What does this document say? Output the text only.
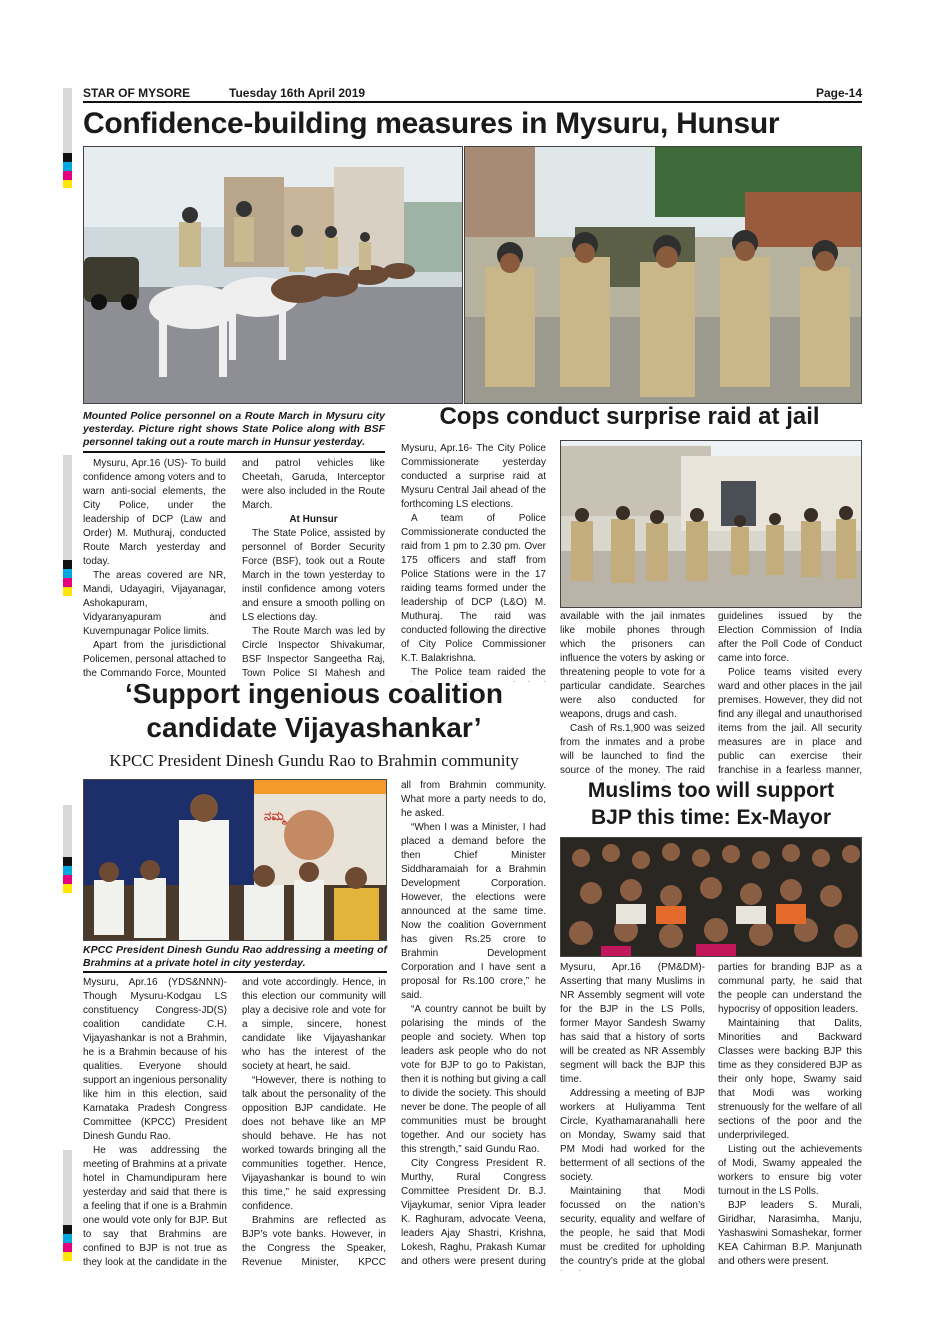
STAR OF MYSORE	Tuesday 16th April 2019	Page-14
Confidence-building measures in Mysuru, Hunsur
Mounted Police personnel on a Route March in Mysuru city yesterday. Picture right shows State Police along with BSF personnel taking out a route march in Hunsur yesterday.

Mysuru, Apr.16 (US)- To build confidence among voters and to warn anti-social elements, the City Police, under the leadership of DCP (Law and Order) M. Muthuraj, conducted Route March yesterday and today.

The areas covered are NR, Mandi, Udayagiri, Vijayanagar, Ashokapuram, Vidyaranyapuram and Kuvempunagar Police limits.

Apart from the jurisdictional Policemen, personal attached to the Commando Force, Mounted

and patrol vehicles like Cheetah, Garuda, Interceptor were also included in the Route March.

At Hunsur

The State Police, assisted by personnel of Border Security Force (BSF), took out a Route March in the town yesterday to instil confidence among voters and ensure a smooth polling on LS elections day.

The Route March was led by Circle Inspector Shivakumar, BSF Inspector Sangeetha Raj, Town Police SI Mahesh and

Cops conduct surprise raid at jail

Mysuru, Apr.16- The City Police Commissionerate yesterday conducted a surprise raid at Mysuru Central Jail ahead of the forthcoming LS elections.

A team of Police Commissionerate conducted the raid from 1 pm to 2.30 pm. Over 175 officers and staff from Police Stations were in the 17 raiding teams formed under the leadership of DCP (L&O) M. Muthuraj. The raid was conducted following the directive of City Police Commissioner K.T. Balakrishna.

The Police team raided the

available with the jail inmates like mobile phones through which the prisoners can influence the voters by asking or threatening people to vote for a particular candidate. Searches were also conducted for weapons, drugs and cash.

Cash of Rs.1,900 was seized from the inmates and a probe will be launched to find the source of the money. The raid

guidelines issued by the Election Commission of India after the Poll Code of Conduct came into force.

Police teams visited every ward and other places in the jail premises. However, they did not find any illegal and unauthorised items from the jail. All security measures are in place and public can exercise their franchise in a fearless manner,

‘Support ingenious coalition
candidate Vijayashankar’
KPCC President Dinesh Gundu Rao to Brahmin community
ನಮ್ಮ
KPCC President Dinesh Gundu Rao addressing a meeting of Brahmins at a private hotel in city yesterday.

Mysuru, Apr.16 (YDS&NNN)- Though Mysuru-Kodgau LS constituency Congress-JD(S) coalition candidate C.H. Vijayashankar is not a Brahmin, he is a Brahmin because of his qualities. Everyone should support an ingenious personality like him in this election, said Karnataka Pradesh Congress Committee (KPCC) President Dinesh Gundu Rao.

He was addressing the meeting of Brahmins at a private hotel in Chamundipuram here yesterday and said that there is a feeling that if one is a Brahmin one would vote only for BJP. But to say that Brahmins are confined to BJP is not true as they look at the candidate in the

and vote accordingly. Hence, in this election our community will play a decisive role and vote for a simple, sincere, honest candidate like Vijayashankar who has the interest of the society at heart, he said.

“However, there is nothing to talk about the personality of the opposition BJP candidate. He does not behave like an MP should behave. He has not worked towards bringing all the communities together. Hence, Vijayashankar is bound to win this time,” he said expressing confidence.

Brahmins are reflected as BJP’s vote banks. However, in the Congress the Speaker, Revenue Minister, KPCC

all from Brahmin community. What more a party needs to do, he asked.

“When I was a Minister, I had placed a demand before the then Chief Minister Siddharamaiah for a Brahmin Development Corporation. However, the elections were announced at the same time. Now the coalition Government has given Rs.25 crore to Brahmin Development Corporation and I have sent a proposal for Rs.100 crore,” he said.

“A country cannot be built by polarising the minds of the people and society. When top leaders ask people who do not vote for BJP to go to Pakistan, then it is nothing but giving a call to divide the society. This should never be done. The people of all communities must be brought together. And our society has this strength,” said Gundu Rao.

City Congress President R. Murthy, Rural Congress Committee President Dr. B.J. Vijaykumar, senior Vipra leader K. Raghuram, advocate Veena, leaders Ajay Shastri, Krishna, Lokesh, Raghu, Prakash Kumar and others were present during

Muslims too will support
BJP this time: Ex-Mayor

Mysuru, Apr.16 (PM&DM)- Asserting that many Muslims in NR Assembly segment will vote for the BJP in the LS Polls, former Mayor Sandesh Swamy has said that a history of sorts will be created as NR Assembly segment will back the BJP this time.

Addressing a meeting of BJP workers at Huliyamma Tent Circle, Kyathamaranahalli here on Monday, Swamy said that PM Modi had worked for the betterment of all sections of the society.

Maintaining that Modi focussed on the nation’s security, equality and welfare of the people, he said that Modi must be credited for upholding the country’s pride at the global

parties for branding BJP as a communal party, he said that the people can understand the hypocrisy of opposition leaders.

Maintaining that Dalits, Minorities and Backward Classes were backing BJP this time as they considered BJP as their only hope, Swamy said that Modi was working strenuously for the welfare of all sections of the poor and the underprivileged.

Listing out the achievements of Modi, Swamy appealed the workers to ensure big voter turnout in the LS Polls.

BJP leaders S. Murali, Giridhar, Narasimha, Manju, Yashaswini Somashekar, former KEA Cahirman B.P. Manjunath and others were present.
